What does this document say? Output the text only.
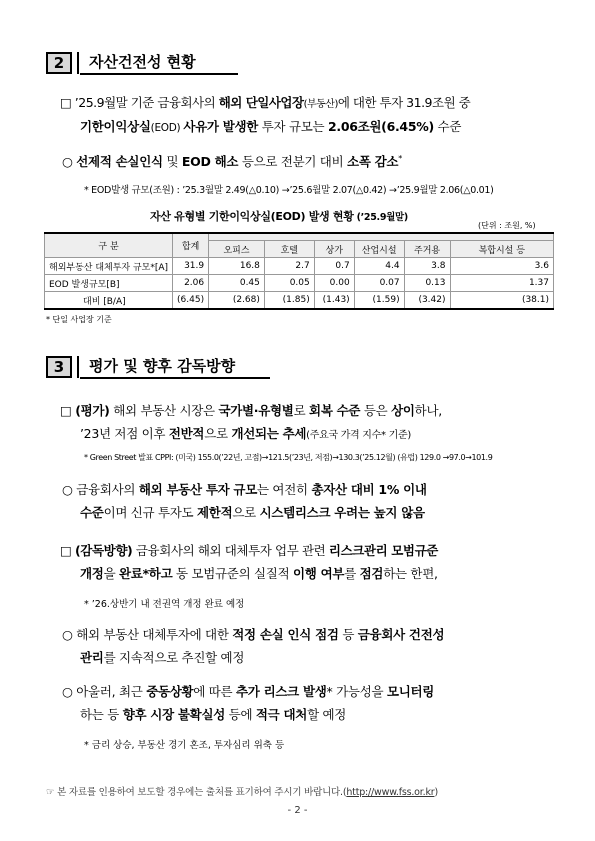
2	자산건전성 현황
□ ’25.9월말 기준 금융회사의 해외 단일사업장(부동산)에 대한 투자 31.9조원 중
기한이익상실(EOD) 사유가 발생한 투자 규모는 2.06조원(6.45%) 수준
○ 선제적 손실인식 및 EOD 해소 등으로 전분기 대비 소폭 감소*
* EOD발생 규모(조원) : ’25.3월말 2.49(△0.10) →’25.6월말 2.07(△0.42) →’25.9월말 2.06(△0.01)
자산 유형별 기한이익상실(EOD) 발생 현황 (’25.9월말)
(단위 : 조원, %)
구 분	합계						
		오피스	호텔	상가	산업시설	주거용	복합시설 등
해외부동산 대체투자 규모*[A]	31.9	16.8	2.7	0.7	4.4	3.8	3.6
EOD 발생규모[B]	2.06	0.45	0.05	0.00	0.07	0.13	1.37
대비 [B/A]	(6.45)	(2.68)	(1.85)	(1.43)	(1.59)	(3.42)	(38.1)
* 단일 사업장 기준
3	평가 및 향후 감독방향
□ (평가) 해외 부동산 시장은 국가별·유형별로 회복 수준 등은 상이하나,
’23년 저점 이후 전반적으로 개선되는 추세(주요국 가격 지수* 기준)
* Green Street 발표 CPPI: (미국) 155.0(’22년, 고점)→121.5(’23년, 저점)→130.3(’25.12월) (유럽) 129.0 →97.0→101.9
○ 금융회사의 해외 부동산 투자 규모는 여전히 총자산 대비 1% 이내
수준이며 신규 투자도 제한적으로 시스템리스크 우려는 높지 않음
□ (감독방향) 금융회사의 해외 대체투자 업무 관련 리스크관리 모범규준
개정을 완료*하고 동 모범규준의 실질적 이행 여부를 점검하는 한편,
* ’26.상반기 내 전권역 개정 완료 예정
○ 해외 부동산 대체투자에 대한 적정 손실 인식 점검 등 금융회사 건전성
관리를 지속적으로 추진할 예정
○ 아울러, 최근 중동상황에 따른 추가 리스크 발생* 가능성을 모니터링
하는 등 향후 시장 불확실성 등에 적극 대처할 예정
* 금리 상승, 부동산 경기 혼조, 투자심리 위축 등
☞ 본 자료를 인용하여 보도할 경우에는 출처를 표기하여 주시기 바랍니다.(http://www.fss.or.kr)
- 2 -
